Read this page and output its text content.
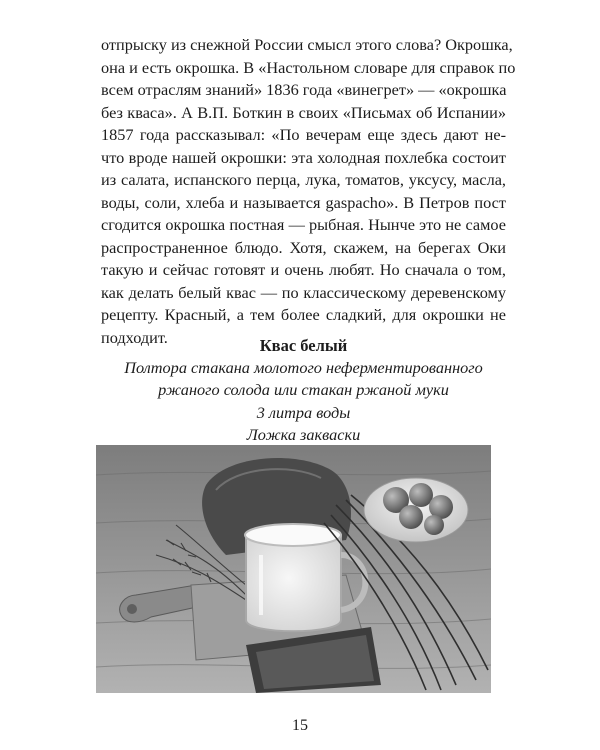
отпрыску из снежной России смысл этого слова? Окрошка,
она и есть окрошка. В «Настольном словаре для справок по
всем отраслям знаний» 1836 года «винегрет» — «окрошка
без кваса». А В.П. Боткин в своих «Письмах об Испании»
1857 года рассказывал: «По вечерам еще здесь дают не-
что вроде нашей окрошки: эта холодная похлебка состоит
из салата, испанского перца, лука, томатов, уксусу, масла,
воды, соли, хлеба и называется gaspacho». В Петров пост
сгодится окрошка постная — рыбная. Нынче это не самое
распространенное блюдо. Хотя, скажем, на берегах Оки
такую и сейчас готовят и очень любят. Но сначала о том,
как делать белый квас — по классическому деревенскому
рецепту. Красный, а тем более сладкий, для окрошки не
подходит.	Квас белый
Полтора стакана молотого неферментированного
ржаного солода или стакан ржаной муки
3 литра воды
Ложка закваски

15
